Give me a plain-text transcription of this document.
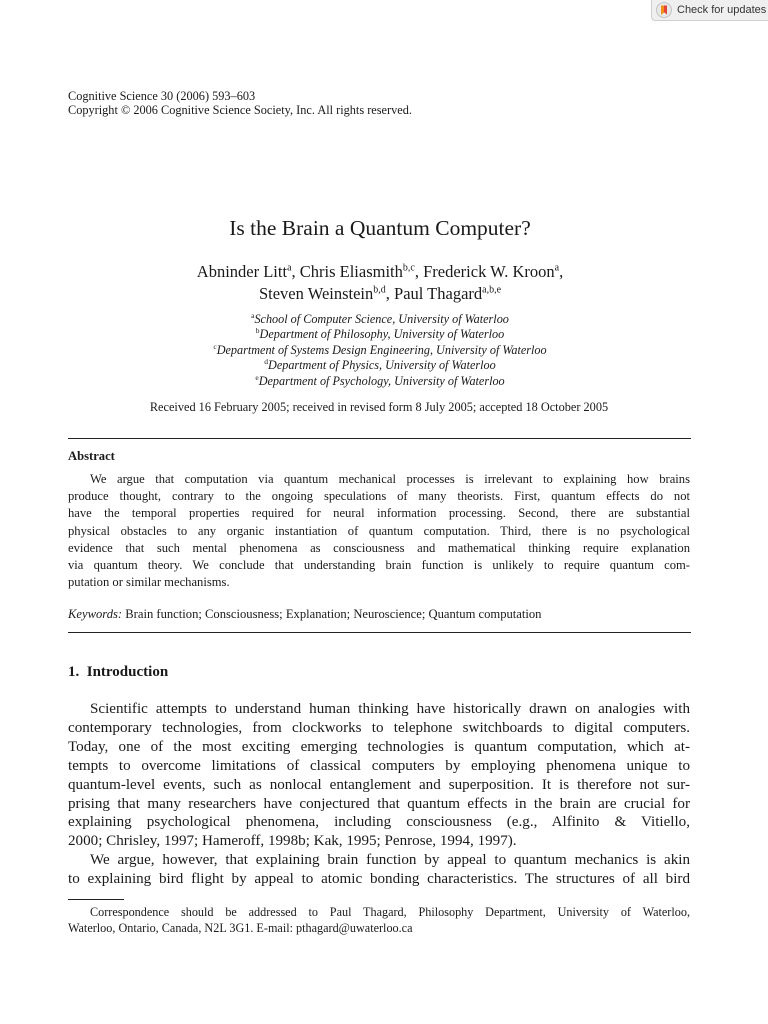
Check for updates
Cognitive Science 30 (2006) 593–603
Copyright © 2006 Cognitive Science Society, Inc. All rights reserved.
Is the Brain a Quantum Computer?
Abninder Litt$^a$, Chris Eliasmith$^{b,c}$, Frederick W. Kroon$^a$,
Steven Weinstein$^{b,d}$, Paul Thagard$^{a,b,e}$
$^a$School of Computer Science, University of Waterloo
$^b$Department of Philosophy, University of Waterloo
$^c$Department of Systems Design Engineering, University of Waterloo
$^d$Department of Physics, University of Waterloo
$^e$Department of Psychology, University of Waterloo
Received 16 February 2005; received in revised form 8 July 2005; accepted 18 October 2005
Abstract
We argue that computation via quantum mechanical processes is irrelevant to explaining how brains
produce thought, contrary to the ongoing speculations of many theorists. First, quantum effects do not
have the temporal properties required for neural information processing. Second, there are substantial
physical obstacles to any organic instantiation of quantum computation. Third, there is no psychological
evidence that such mental phenomena as consciousness and mathematical thinking require explanation
via quantum theory. We conclude that understanding brain function is unlikely to require quantum com-
putation or similar mechanisms.
Keywords: Brain function; Consciousness; Explanation; Neuroscience; Quantum computation
1. Introduction
Scientific attempts to understand human thinking have historically drawn on analogies with
contemporary technologies, from clockworks to telephone switchboards to digital computers.
Today, one of the most exciting emerging technologies is quantum computation, which at-
tempts to overcome limitations of classical computers by employing phenomena unique to
quantum-level events, such as nonlocal entanglement and superposition. It is therefore not sur-
prising that many researchers have conjectured that quantum effects in the brain are crucial for
explaining psychological phenomena, including consciousness (e.g., Alfinito & Vitiello,
2000; Chrisley, 1997; Hameroff, 1998b; Kak, 1995; Penrose, 1994, 1997).
We argue, however, that explaining brain function by appeal to quantum mechanics is akin
to explaining bird flight by appeal to atomic bonding characteristics. The structures of all bird
Correspondence should be addressed to Paul Thagard, Philosophy Department, University of Waterloo,
Waterloo, Ontario, Canada, N2L 3G1. E-mail: pthagard@uwaterloo.ca
